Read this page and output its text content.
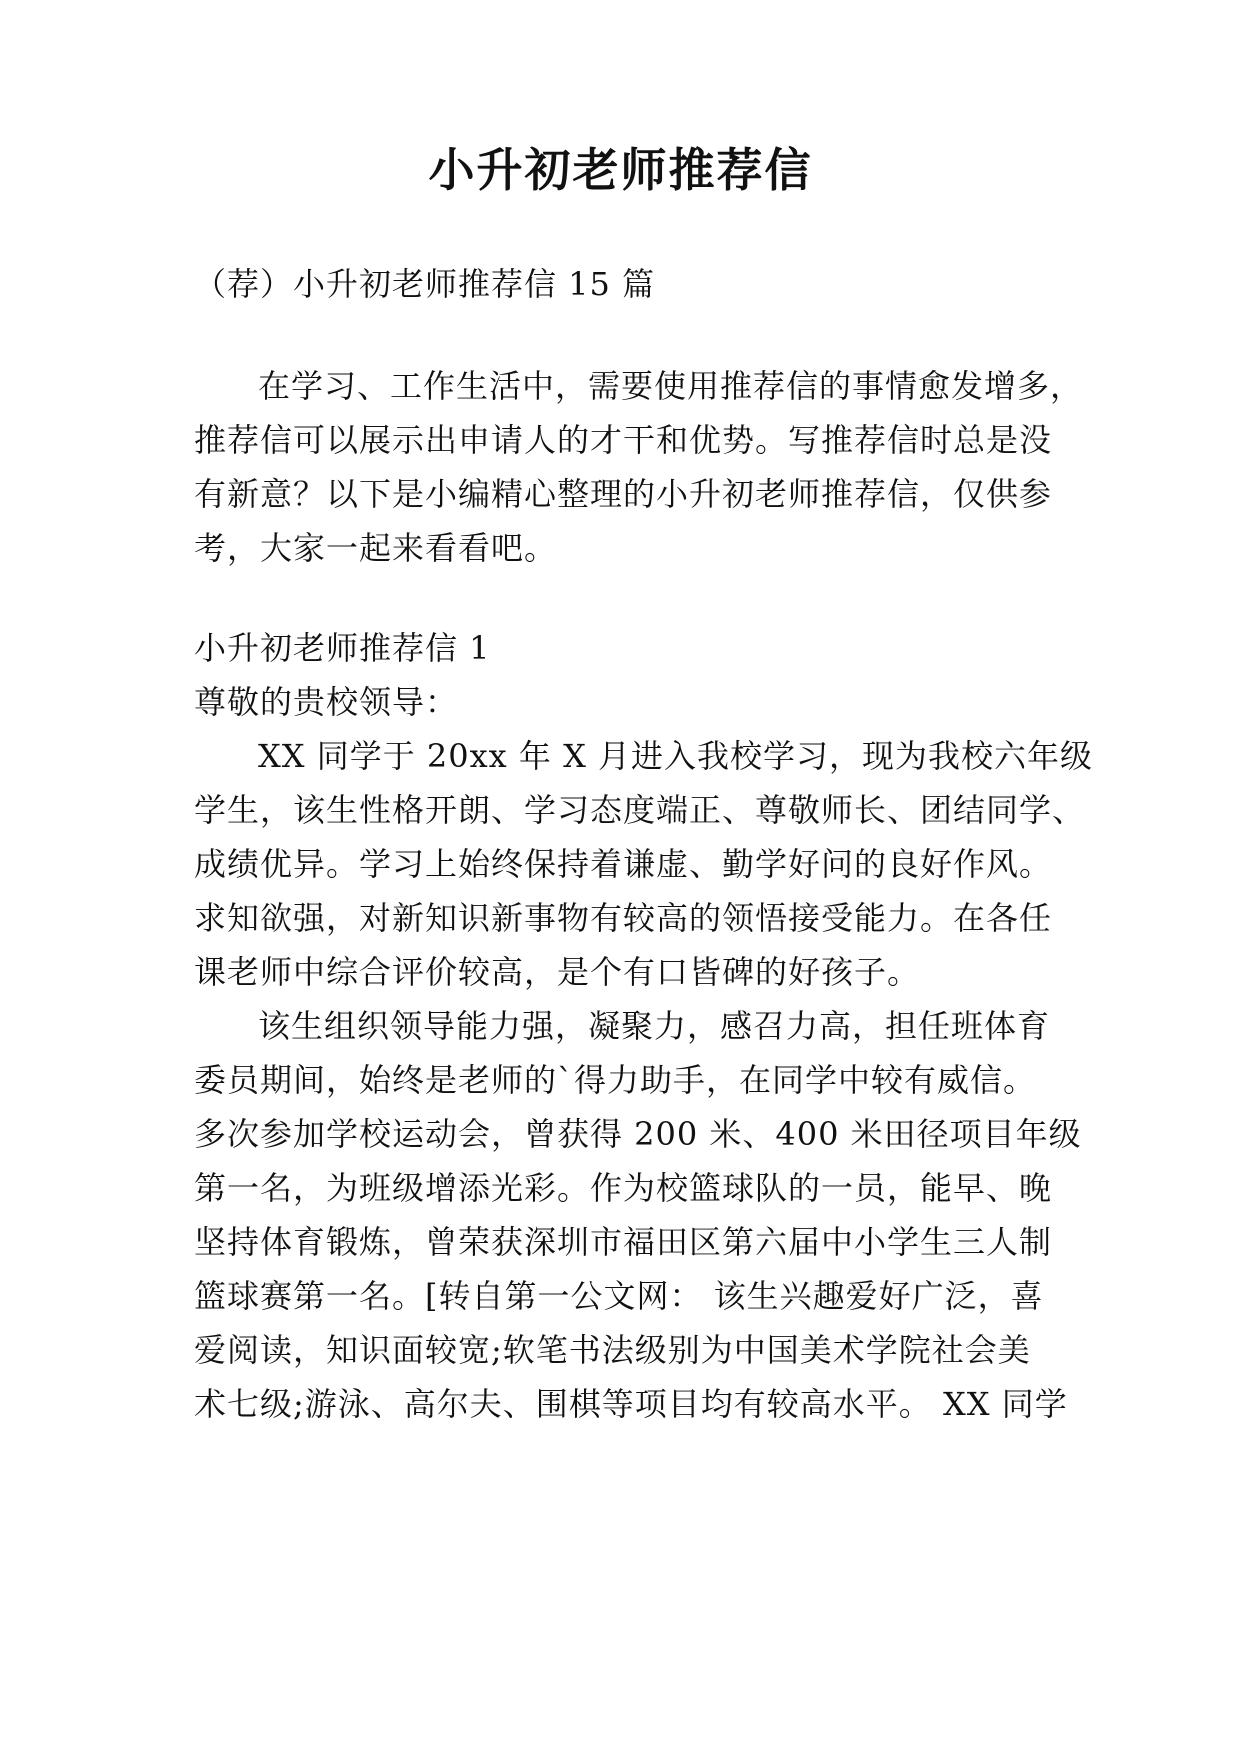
小升初老师推荐信
（荐）小升初老师推荐信 15 篇
在学习、工作生活中，需要使用推荐信的事情愈发增多，
推荐信可以展示出申请人的才干和优势。写推荐信时总是没
有新意？以下是小编精心整理的小升初老师推荐信，仅供参
考，大家一起来看看吧。
小升初老师推荐信 1
尊敬的贵校领导：
XX 同学于 20xx 年 X 月进入我校学习，现为我校六年级
学生，该生性格开朗、学习态度端正、尊敬师长、团结同学、
成绩优异。学习上始终保持着谦虚、勤学好问的良好作风。
求知欲强，对新知识新事物有较高的领悟接受能力。在各任
课老师中综合评价较高，是个有口皆碑的好孩子。
该生组织领导能力强，凝聚力，感召力高，担任班体育
委员期间，始终是老师的`得力助手，在同学中较有威信。
多次参加学校运动会，曾获得 200 米、400 米田径项目年级
第一名，为班级增添光彩。作为校篮球队的一员，能早、晚
坚持体育锻炼，曾荣获深圳市福田区第六届中小学生三人制
篮球赛第一名。[转自第一公文网： 该生兴趣爱好广泛，喜
爱阅读，知识面较宽;软笔书法级别为中国美术学院社会美
术七级;游泳、高尔夫、围棋等项目均有较高水平。 XX 同学
